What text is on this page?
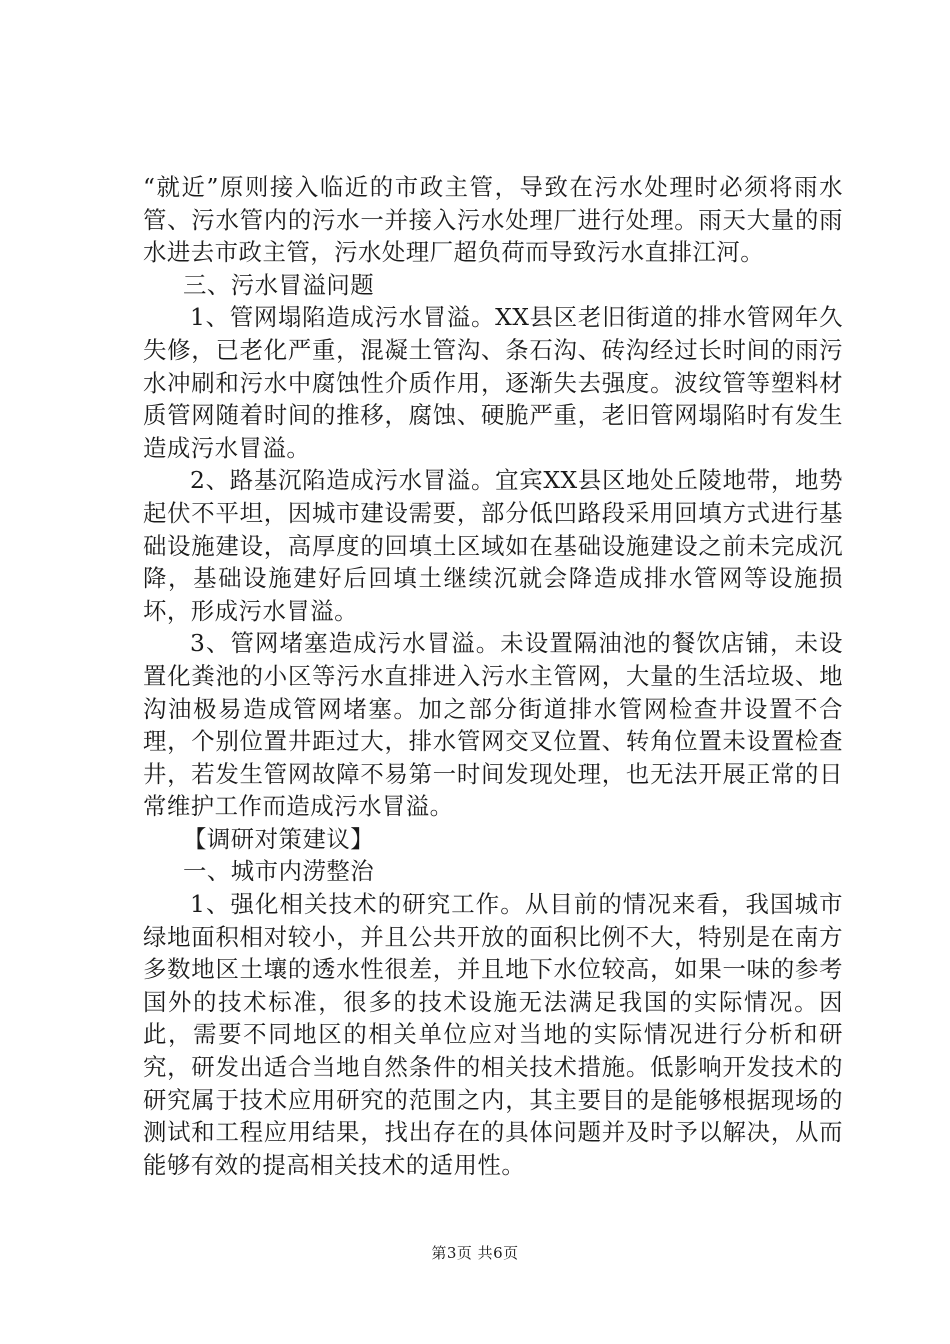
“就近”原则接入临近的市政主管，导致在污水处理时必须将雨水管、污水管内的污水一并接入污水处理厂进行处理。雨天大量的雨水进去市政主管，污水处理厂超负荷而导致污水直排江河。

三、污水冒溢问题

1、管网塌陷造成污水冒溢。XX县区老旧街道的排水管网年久失修，已老化严重，混凝土管沟、条石沟、砖沟经过长时间的雨污水冲刷和污水中腐蚀性介质作用，逐渐失去强度。波纹管等塑料材质管网随着时间的推移，腐蚀、硬脆严重，老旧管网塌陷时有发生造成污水冒溢。

2、路基沉陷造成污水冒溢。宜宾XX县区地处丘陵地带，地势起伏不平坦，因城市建设需要，部分低凹路段采用回填方式进行基础设施建设，高厚度的回填土区域如在基础设施建设之前未完成沉降，基础设施建好后回填土继续沉就会降造成排水管网等设施损坏，形成污水冒溢。

3、管网堵塞造成污水冒溢。未设置隔油池的餐饮店铺，未设置化粪池的小区等污水直排进入污水主管网，大量的生活垃圾、地沟油极易造成管网堵塞。加之部分街道排水管网检查井设置不合理，个别位置井距过大，排水管网交叉位置、转角位置未设置检查井，若发生管网故障不易第一时间发现处理，也无法开展正常的日常维护工作而造成污水冒溢。

【调研对策建议】

一、城市内涝整治

1、强化相关技术的研究工作。从目前的情况来看，我国城市绿地面积相对较小，并且公共开放的面积比例不大，特别是在南方多数地区土壤的透水性很差，并且地下水位较高，如果一味的参考国外的技术标准，很多的技术设施无法满足我国的实际情况。因此，需要不同地区的相关单位应对当地的实际情况进行分析和研究，研发出适合当地自然条件的相关技术措施。低影响开发技术的研究属于技术应用研究的范围之内，其主要目的是能够根据现场的测试和工程应用结果，找出存在的具体问题并及时予以解决，从而能够有效的提高相关技术的适用性。

第3页 共6页
